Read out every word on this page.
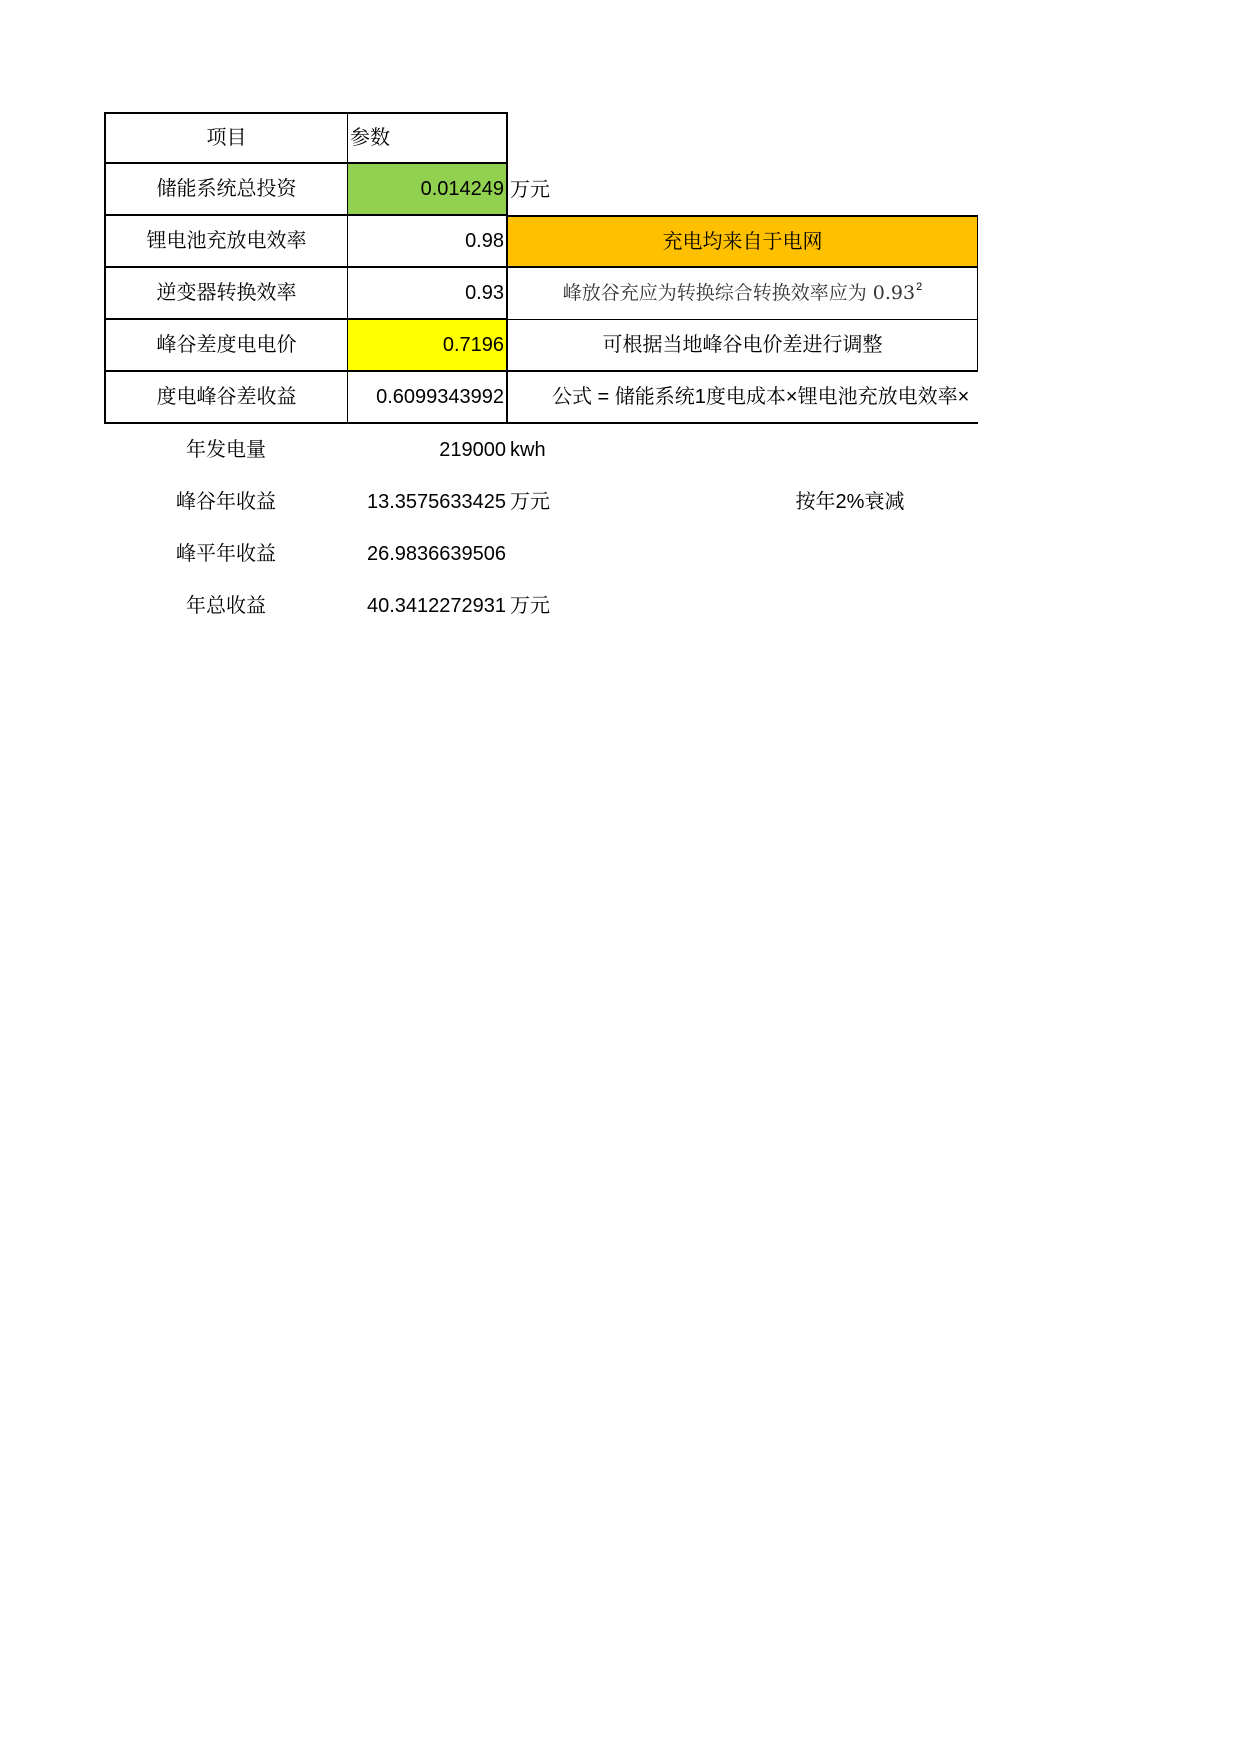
项目	参数
储能系统总投资	0.014249 万元
锂电池充放电效率	0.98	充电均来自于电网
逆变器转换效率	0.93	峰放谷充应为转换综合转换效率应为 0.93$^2$
峰谷差度电电价	0.7196	可根据当地峰谷电价差进行调整
度电峰谷差收益	0.6099343992	公式 = 储能系统1度电成本×锂电池充放电效率×
年发电量	219000 kwh
峰谷年收益	13.3575633425 万元	按年2%衰减
峰平年收益	26.9836639506
年总收益	40.3412272931 万元
